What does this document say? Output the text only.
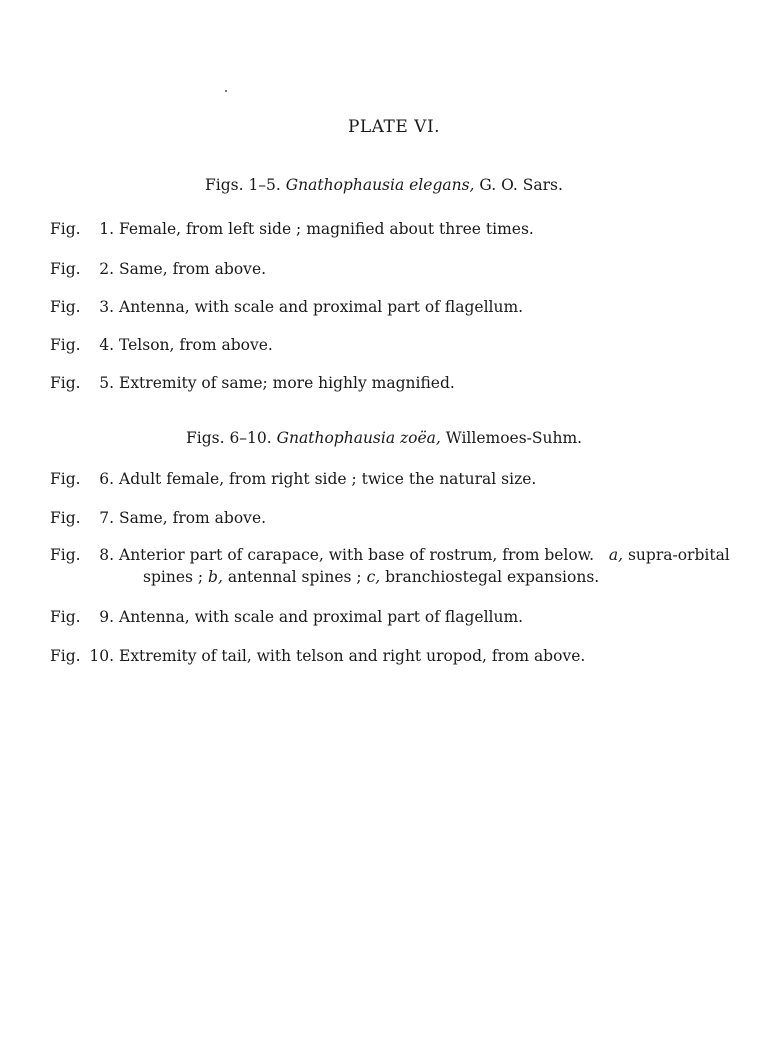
PLATE VI.
Figs. 1–5. Gnathophausia elegans, G. O. Sars.
Fig. 1. Female, from left side ; magnified about three times.
Fig. 2. Same, from above.
Fig. 3. Antenna, with scale and proximal part of flagellum.
Fig. 4. Telson, from above.
Fig. 5. Extremity of same; more highly magnified.
Figs. 6–10. Gnathophausia zoëa, Willemoes-Suhm.
Fig. 6. Adult female, from right side ; twice the natural size.
Fig. 7. Same, from above.
Fig. 8. Anterior part of carapace, with base of rostrum, from below. a, supra-orbital
spines ; b, antennal spines ; c, branchiostegal expansions.
Fig. 9. Antenna, with scale and proximal part of flagellum.
Fig. 10. Extremity of tail, with telson and right uropod, from above.
